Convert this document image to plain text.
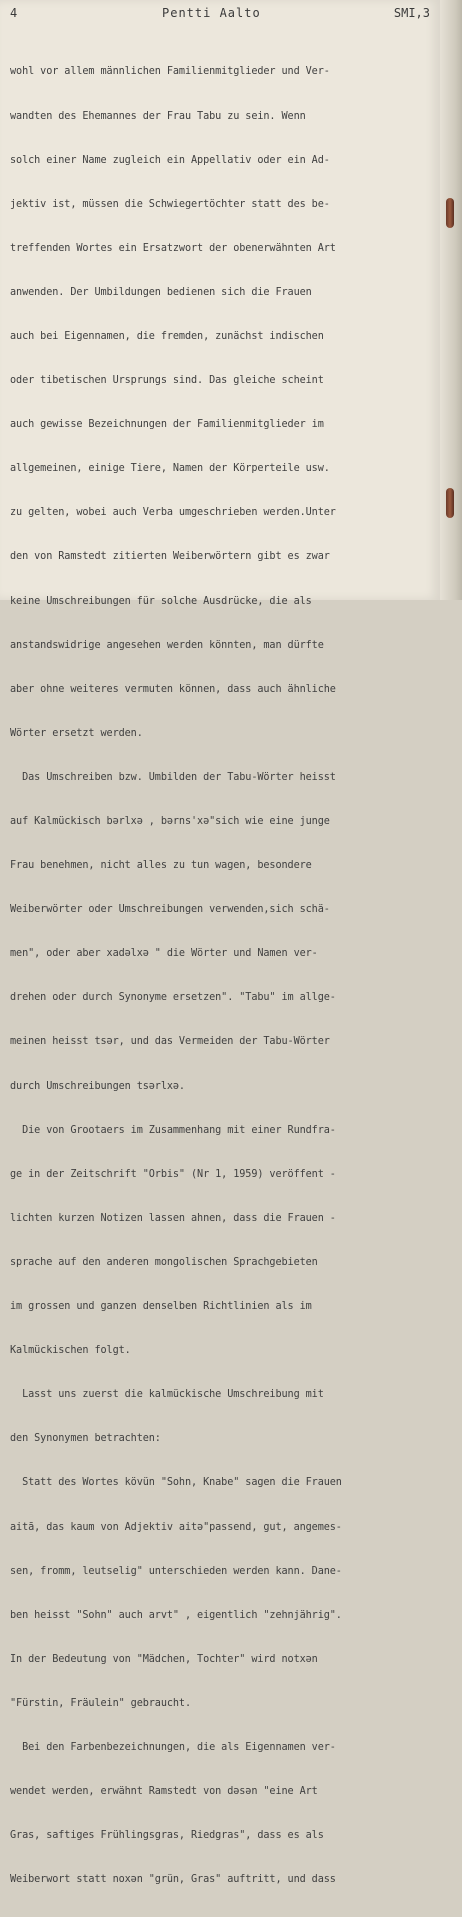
4	Pentti Aalto	SMI,3

wohl vor allem männlichen Familienmitglieder und Ver-

wandten des Ehemannes der Frau Tabu zu sein. Wenn

solch einer Name zugleich ein Appellativ oder ein Ad-

jektiv ist, müssen die Schwiegertöchter statt des be-

treffenden Wortes ein Ersatzwort der obenerwähnten Art

anwenden. Der Umbildungen bedienen sich die Frauen

auch bei Eigennamen, die fremden, zunächst indischen

oder tibetischen Ursprungs sind. Das gleiche scheint

auch gewisse Bezeichnungen der Familienmitglieder im

allgemeinen, einige Tiere, Namen der Körperteile usw.

zu gelten, wobei auch Verba umgeschrieben werden.Unter

den von Ramstedt zitierten Weiberwörtern gibt es zwar

keine Umschreibungen für solche Ausdrücke, die als

anstandswidrige angesehen werden könnten, man dürfte

aber ohne weiteres vermuten können, dass auch ähnliche

Wörter ersetzt werden.

Das Umschreiben bzw. Umbilden der Tabu-Wörter heisst

auf Kalmückisch bərlxə , bərns'xə"sich wie eine junge

Frau benehmen, nicht alles zu tun wagen, besondere

Weiberwörter oder Umschreibungen verwenden,sich schä-

men", oder aber xadəlxə " die Wörter und Namen ver-

drehen oder durch Synonyme ersetzen". "Tabu" im allge-

meinen heisst tsər, und das Vermeiden der Tabu-Wörter

durch Umschreibungen tsərlxə.

Die von Grootaers im Zusammenhang mit einer Rundfra-

ge in der Zeitschrift "Orbis" (Nr 1, 1959) veröffent -

lichten kurzen Notizen lassen ahnen, dass die Frauen -

sprache auf den anderen mongolischen Sprachgebieten

im grossen und ganzen denselben Richtlinien als im

Kalmückischen folgt.

Lasst uns zuerst die kalmückische Umschreibung mit

den Synonymen betrachten:

Statt des Wortes kövün "Sohn, Knabe" sagen die Frauen

aitā, das kaum von Adjektiv aitə"passend, gut, angemes-

sen, fromm, leutselig" unterschieden werden kann. Dane-

ben heisst "Sohn" auch arvt" , eigentlich "zehnjährig".

In der Bedeutung von "Mädchen, Tochter" wird notxən

"Fürstin, Fräulein" gebraucht.

Bei den Farbenbezeichnungen, die als Eigennamen ver-

wendet werden, erwähnt Ramstedt von dəsən "eine Art

Gras, saftiges Frühlingsgras, Riedgras", dass es als

Weiberwort statt noxən "grün, Gras" auftritt, und dass
